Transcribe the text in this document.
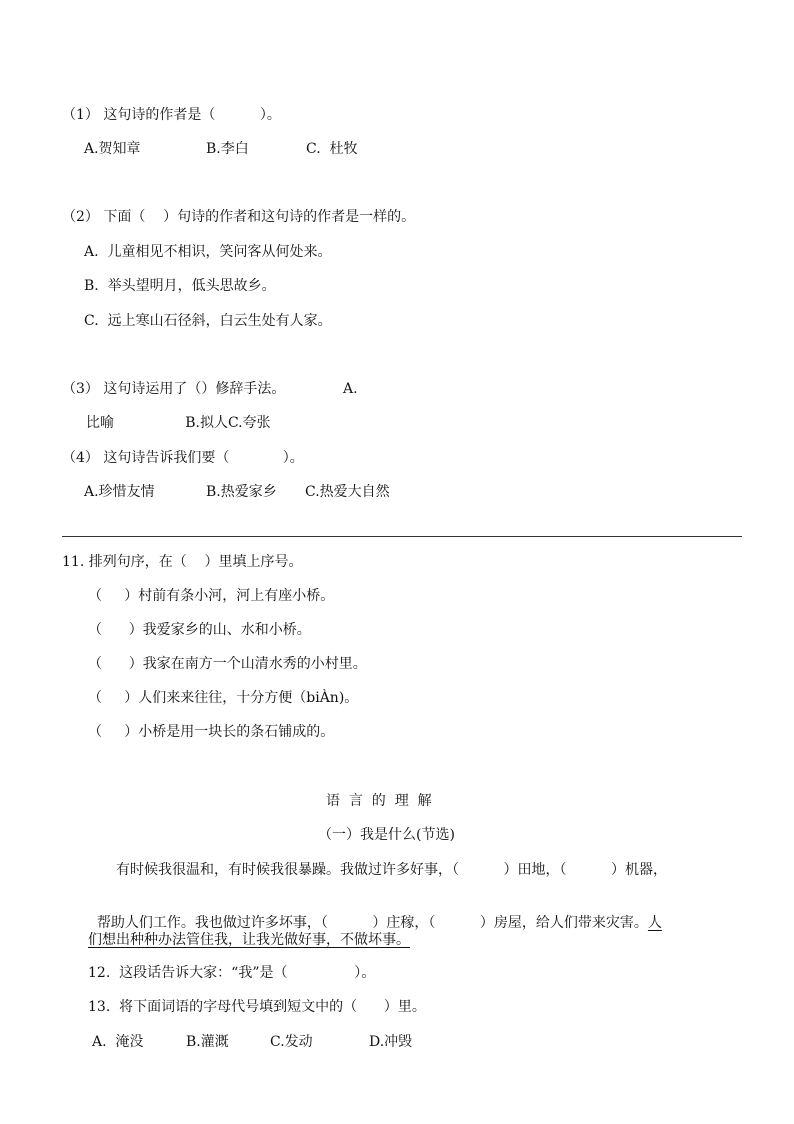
（1） 这句诗的作者是（          ）。
A.贺知章	B.李白	C.  杜牧
（2） 下面（    ）句诗的作者和这句诗的作者是一样的。
A.  儿童相见不相识，笑问客从何处来。
B.  举头望明月，低头思故乡。
C.  远上寒山石径斜，白云生处有人家。
（3） 这句诗运用了（）修辞手法。	A.
比喻                B.拟人C.夸张
（4） 这句诗告诉我们要（            ）。
A.珍惜友情	B.热爱家乡 C.热爱大自然
11. 排列句序，在（    ）里填上序号。
（     ）村前有条小河，河上有座小桥。
（      ）我爱家乡的山、水和小桥。
（      ）我家在南方一个山清水秀的小村里。
（     ）人们来来往往，十分方便（biÀn)。
（     ）小桥是用一块长的条石铺成的。
语  言  的  理  解
（一）我是什么(节选)
有时候我很温和，有时候我很暴躁。我做过许多好事，（          ）田地，（          ）机器，

帮助人们工作。我也做过许多坏事，（          ）庄稼，（          ）房屋，给人们带来灾害。人

们想出种种办法管住我，让我光做好事，不做坏事。
12.  这段话告诉大家：“我”是（               ）。
13.  将下面词语的字母代号填到短文中的（      ）里。
A.  淹没	B.灌溉	C.发动	D.冲毁
